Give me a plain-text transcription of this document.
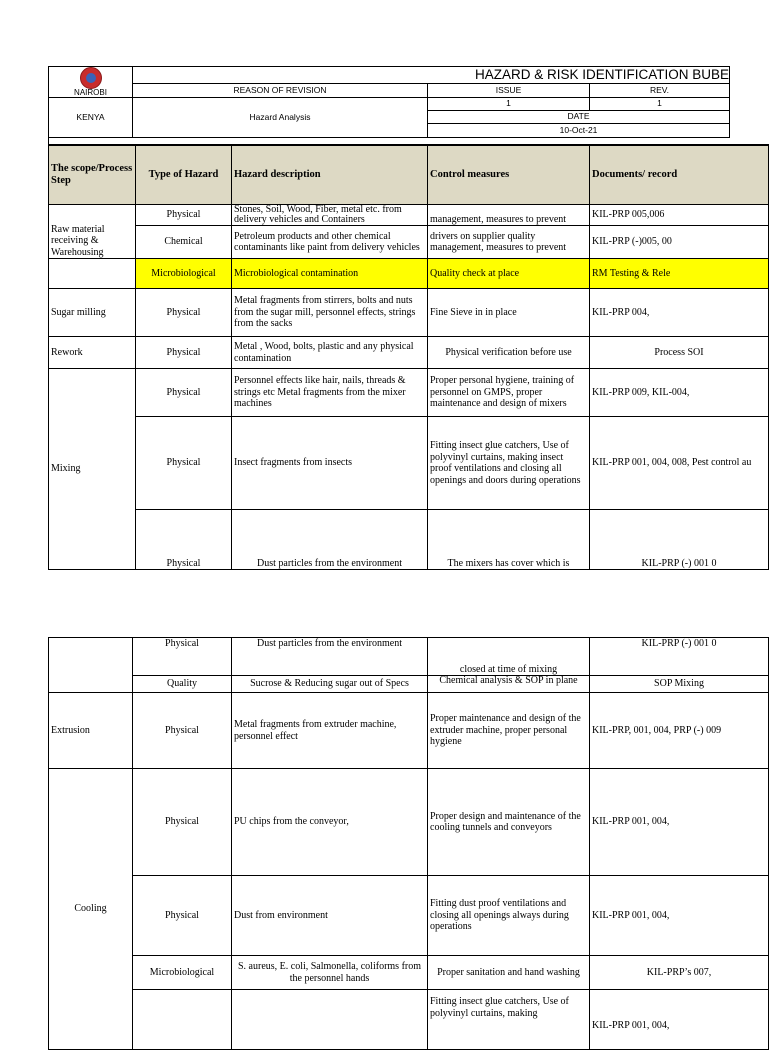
NAIROBI	HAZARD & RISK IDENTIFICATION BUBE		
	REASON OF REVISION	ISSUE	REV.
KENYA	Hazard Analysis	1	1
		DATE	
		10-Oct-21	
The scope/Process Step	Type of Hazard	Hazard description	Control measures	Documents/ record
Raw material receiving & Warehousing	Physical	Stones, Soil, Wood, Fiber, metal etc. from delivery vehicles and Containers	management, measures to prevent	KIL-PRP 005,006
	Chemical	Petroleum products and other chemical contaminants like paint from delivery vehicles	drivers on supplier quality management, measures to prevent	KIL-PRP (-)005, 00
	Microbiological	Microbiological contamination	Quality check at place	RM Testing & Rele
Sugar milling	Physical	Metal fragments from stirrers, bolts and nuts from the sugar mill, personnel effects, strings from the sacks	Fine Sieve in in place	KIL-PRP 004,
Rework	Physical	Metal , Wood, bolts, plastic and any physical contamination	Physical verification before use	Process SOI
Mixing	Physical	Personnel effects like hair, nails, threads & strings etc Metal fragments from the mixer machines	Proper personal hygiene, training of personnel on GMPS, proper maintenance and design of mixers	KIL-PRP 009, KIL-004,
	Physical	Insect fragments from insects	Fitting insect glue catchers, Use of polyvinyl curtains, making insect proof ventilations and closing all openings and doors during operations	KIL-PRP 001, 004, 008, Pest control au
	Physical	Dust particles from the environment	The mixers has cover which is	KIL-PRP (-) 001 0
	Physical	Dust particles from the environment	closed at time of mixing	KIL-PRP (-) 001 0
	Quality	Sucrose & Reducing sugar out of Specs	Chemical analysis & SOP in plane	SOP Mixing
Extrusion	Physical	Metal fragments from extruder machine, personnel effect	Proper maintenance and design of the extruder machine, proper personal hygiene	KIL-PRP, 001, 004, PRP (-) 009
Cooling	Physical	PU chips from the conveyor,	Proper design and maintenance of the cooling tunnels and conveyors	KIL-PRP 001, 004,
	Physical	Dust from environment	Fitting dust proof ventilations and closing all openings always during operations	KIL-PRP 001, 004,
	Microbiological	S. aureus, E. coli, Salmonella, coliforms from the personnel hands	Proper sanitation and hand washing	KIL-PRP’s 007,
			Fitting insect glue catchers, Use of polyvinyl curtains, making	KIL-PRP 001, 004,
